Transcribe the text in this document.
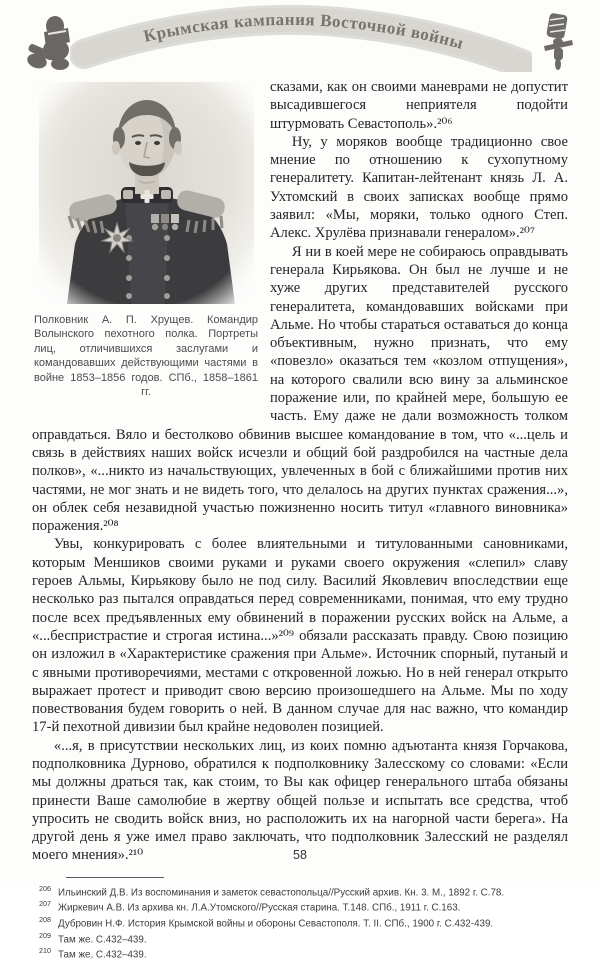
Крымская кампания Восточной войны
Полковник А. П. Хрущев. Командир Волынского пехотного полка. Портреты лиц, отличившихся заслугами и командовавших действующими частями в войне 1853–1856 годов. СПб., 1858–1861 гг.

сказами, как он своими маневрами не допустит высадившегося неприятеля подойти штурмовать Севастополь».²⁰⁶

Ну, у моряков вообще традиционно свое мнение по отношению к сухопутному генералитету. Капитан-лейтенант князь Л. А. Ухтомский в своих записках вообще прямо заявил: «Мы, моряки, только одного Степ. Алекс. Хрулёва признавали генералом».²⁰⁷

Я ни в коей мере не собираюсь оправдывать генерала Кирьякова. Он был не лучше и не хуже других представителей русского генералитета, командовавших войсками при Альме. Но чтобы стараться оставаться до конца объективным, нужно признать, что ему «повезло» оказаться тем «козлом отпущения», на которого свалили всю вину за альминское поражение или, по крайней мере, большую ее часть. Ему даже не дали возможность толком оправдаться. Вяло и бестолково обвинив высшее командование в том, что «...цель и связь в действиях наших войск исчезли и общий бой раздробился на частные дела полков», «...никто из начальствующих, увлеченных в бой с ближайшими против них частями, не мог знать и не видеть того, что делалось на других пунктах сражения...», он облек себя незавидной участью пожизненно носить титул «главного виновника» поражения.²⁰⁸

Увы, конкурировать с более влиятельными и титулованными сановниками, которым Меншиков своими руками и руками своего окружения «слепил» славу героев Альмы, Кирьякову было не под силу. Василий Яковлевич впоследствии еще несколько раз пытался оправдаться перед современниками, понимая, что ему трудно после всех предъявленных ему обвинений в поражении русских войск на Альме, а «...беспристрастие и строгая истина...»²⁰⁹ обязали рассказать правду. Свою позицию он изложил в «Характеристике сражения при Альме». Источник спорный, путаный и с явными противоречиями, местами с откровенной ложью. Но в ней генерал открыто выражает протест и приводит свою версию произошедшего на Альме. Мы по ходу повествования будем говорить о ней. В данном случае для нас важно, что командир 17-й пехотной дивизии был крайне недоволен позицией.

«...я, в присутствии нескольких лиц, из коих помню адъютанта князя Горчакова, подполковника Дурново, обратился к подполковнику Залесскому со словами: «Если мы должны драться так, как стоим, то Вы как офицер генерального штаба обязаны принести Ваше самолюбие в жертву общей пользе и испытать все средства, чтоб упросить не сводить войск вниз, но расположить их на нагорной части берега». На другой день я уже имел право заключать, что подполковник Залесский не разделял моего мнения».²¹⁰

$^{206}$ Ильинский Д.В. Из воспоминания и заметок севастопольца//Русский архив. Кн. 3. М., 1892 г. С.78.
$^{207}$ Жиркевич А.В. Из архива кн. Л.А.Утомского//Русская старина. Т.148. СПб., 1911 г. С.163.
$^{208}$ Дубровин Н.Ф. История Крымской войны и обороны Севастополя. Т. II. СПб., 1900 г. С.432-439.
$^{209}$ Там же. С.432–439.
$^{210}$ Там же. С.432–439.
58
